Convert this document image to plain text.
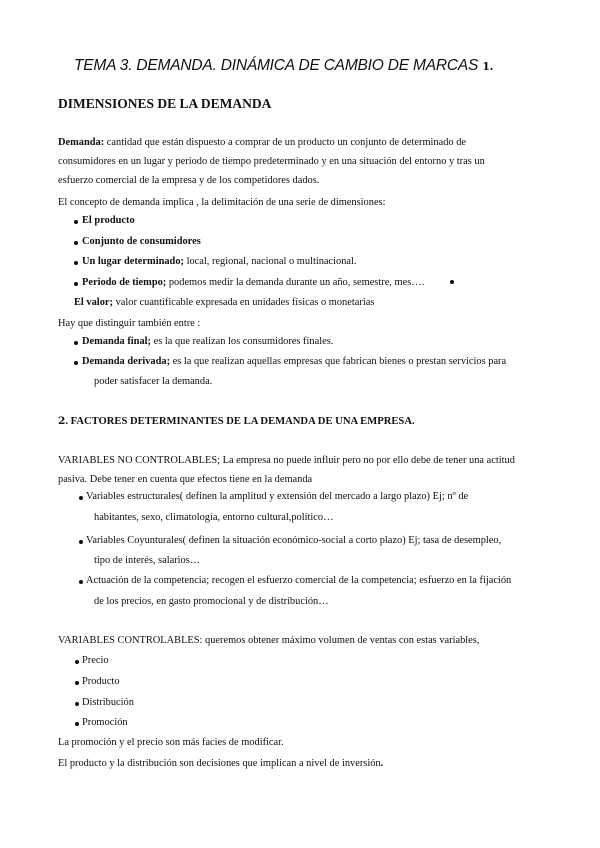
TEMA 3. DEMANDA. DINÁMICA DE CAMBIO DE MARCAS 1.
DIMENSIONES DE LA DEMANDA
Demanda: cantidad que están dispuesto a comprar de un producto un conjunto de determinado de
consumidores en un lugar y periodo de tiempo predeterminado y en una situación del entorno y tras un
esfuerzo comercial de la empresa y de los competidores dados.
El concepto de demanda implica , la delimitación de una serie de dimensiones:
El producto
Conjunto de consumidores
Un lugar determinado; local, regional, nacional o multinacional.
Periodo de tiempo; podemos medir la demanda durante un año, semestre, mes….
El valor; valor cuantificable expresada en unidades físicas o monetarias
Hay que distinguir también entre :
Demanda final; es la que realizan los consumidores finales.
Demanda derivada; es la que realizan aquellas empresas que fabrican bienes o prestan servicios para
poder satisfacer la demanda.
2. FACTORES DETERMINANTES DE LA DEMANDA DE UNA EMPRESA.
VARIABLES NO CONTROLABLES; La empresa no puede influir pero no por ello debe de tener una actitud
pasiva. Debe tener en cuenta que efectos tiene en la demanda
Variables estructurales( definen la amplitud y extensión del mercado a largo plazo) Ej; nº de
habitantes, sexo, climatología, entorno cultural,político…
Variables Coyunturales( definen la situación económico-social a corto plazo) Ej; tasa de desempleo,
tipo de interés, salarios…
Actuación de la competencia; recogen el esfuerzo comercial de la competencia; esfuerzo en la fijación
de los precios, en gasto promocional y de distribución…
VARIABLES CONTROLABLES: queremos obtener máximo volumen de ventas con estas variables,
Precio
Producto
Distribución
Promoción
La promoción y el precio son más facies de modificar.
El producto y la distribución son decisiones que implican a nivel de inversión.
